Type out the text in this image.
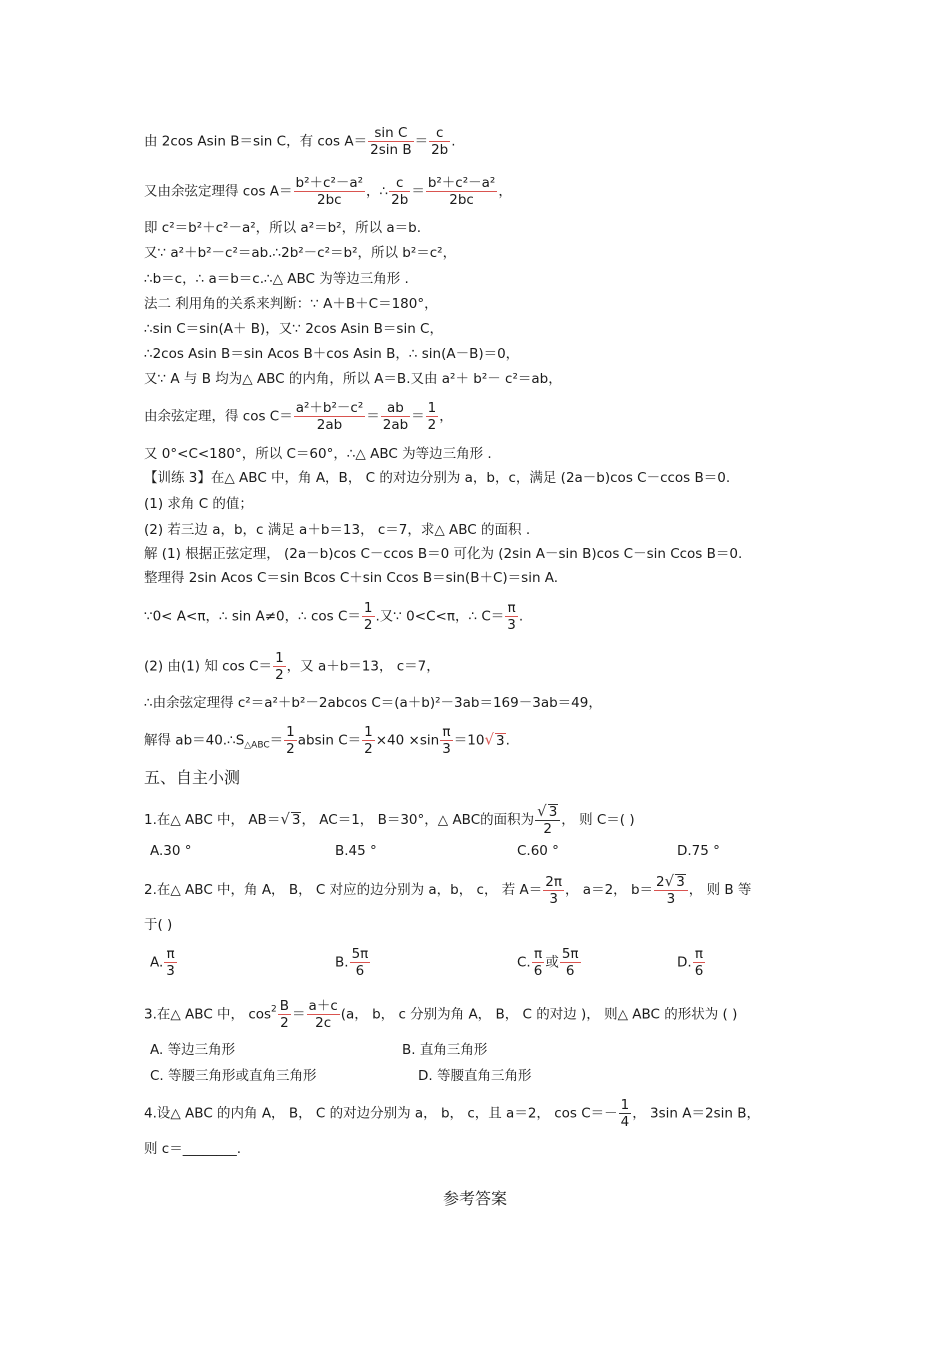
由 2cos Asin B＝sin C，有 $\cos A= \frac{\text{sin C}}{\text{2sin B}} = \frac{c}{2b}$ .
又由余弦定理得 $\cos A= \frac{\text{b²＋c²－a²}}{2bc}$ ，∴ $\frac{c}{2b} = \frac{\text{b²＋c²－a²}}{2bc}$ ，
即 c²＝b²＋c²－a²，所以 a²＝b²，所以 a＝b.
又∵ a²＋b²－c²＝ab.∴2b²－c²＝b²，所以 b²＝c²，
∴b＝c，∴ a＝b＝c.∴△ ABC 为等边三角形 .
法二 利用角的关系来判断：∵ A＋B＋C＝180°，
∴sin C＝sin(A＋ B)，又∵ 2cos Asin B＝sin C，
∴2cos Asin B＝sin Acos B＋cos Asin B，∴ sin(A－B)＝0，
又∵ A 与 B 均为△ ABC 的内角，所以 A＝B.又由 a²＋ b²－ c²＝ab，
由余弦定理，得 $\cos C= \frac{\text{a²＋b²－c²}}{2ab} = \frac{ab}{2ab} = \frac{1}{2}$ ，
又 0°<C<180°，所以 C＝60°，∴△ ABC 为等边三角形 .
【训练 3】在△ ABC 中，角 A，B， C 的对边分别为 a，b，c，满足 (2a－b)cos C－ccos B＝0.
(1) 求角 C 的值；
(2) 若三边 a，b，c 满足 a＋b＝13， c＝7，求△ ABC 的面积 .
解 (1) 根据正弦定理， (2a－b)cos C－ccos B＝0 可化为 (2sin A－sin B)cos C－sin Ccos B＝0.
整理得 2sin Acos C＝sin Bcos C＋sin Ccos B＝sin(B＋C)＝sin A.
∵0< A<π，∴ sin A≠0，∴ $\cos C= \frac{1}{2}$ .又∵ 0<C<π，∴ $C= \frac{\pi}{3}$ .
(2) 由(1) 知 $\cos C= \frac{1}{2}$ ，又 a＋b＝13， c＝7，
∴由余弦定理得 c²＝a²＋b²－2abcos C＝(a＋b)²－3ab＝169－3ab＝49，
解得 $ab=40.\therefore S_{\triangle ABC}= \frac{1}{2}$ absin $C= \frac{1}{2} \times 40 \times\sin \frac{\pi}{3} =10√$ 3.
五、自主小测
1.在△ ABC 中， AB＝√ 3， AC＝1， B＝30°，△ ABC的面积为 $\frac{√ 3}{2}$ ， 则 C＝( )
A.30 °	B.45 °	C.60 °	D.75 °
2.在△ ABC 中，角 A， B， C 对应的边分别为 a，b， c， 若 $A= \frac{2\pi}{3}$ ， a＝2， $b= \frac{2√ 3}{3}$ ， 则 B 等
于( )
A. $\frac{\pi}{3}$	B. $\frac{5\pi}{6}$	C. $\frac{\pi}{6}$ 或 $\frac{5\pi}{6}$	D. $\frac{\pi}{6}$
3.在△ ABC 中， $\cos^2 \frac{B}{2} = \frac{a+c}{2c} (a$， b， c 分别为角 A， B， C 的对边 )， 则△ ABC 的形状为 ( )
A. 等边三角形	B. 直角三角形
C. 等腰三角形或直角三角形	D. 等腰直角三角形
4.设△ ABC 的内角 A， B， C 的对边分别为 a， b， c，且 a＝2， $\cos C=- \frac{1}{4}$ ， 3sin A＝2sin B，
则 c＝________.
参考答案
